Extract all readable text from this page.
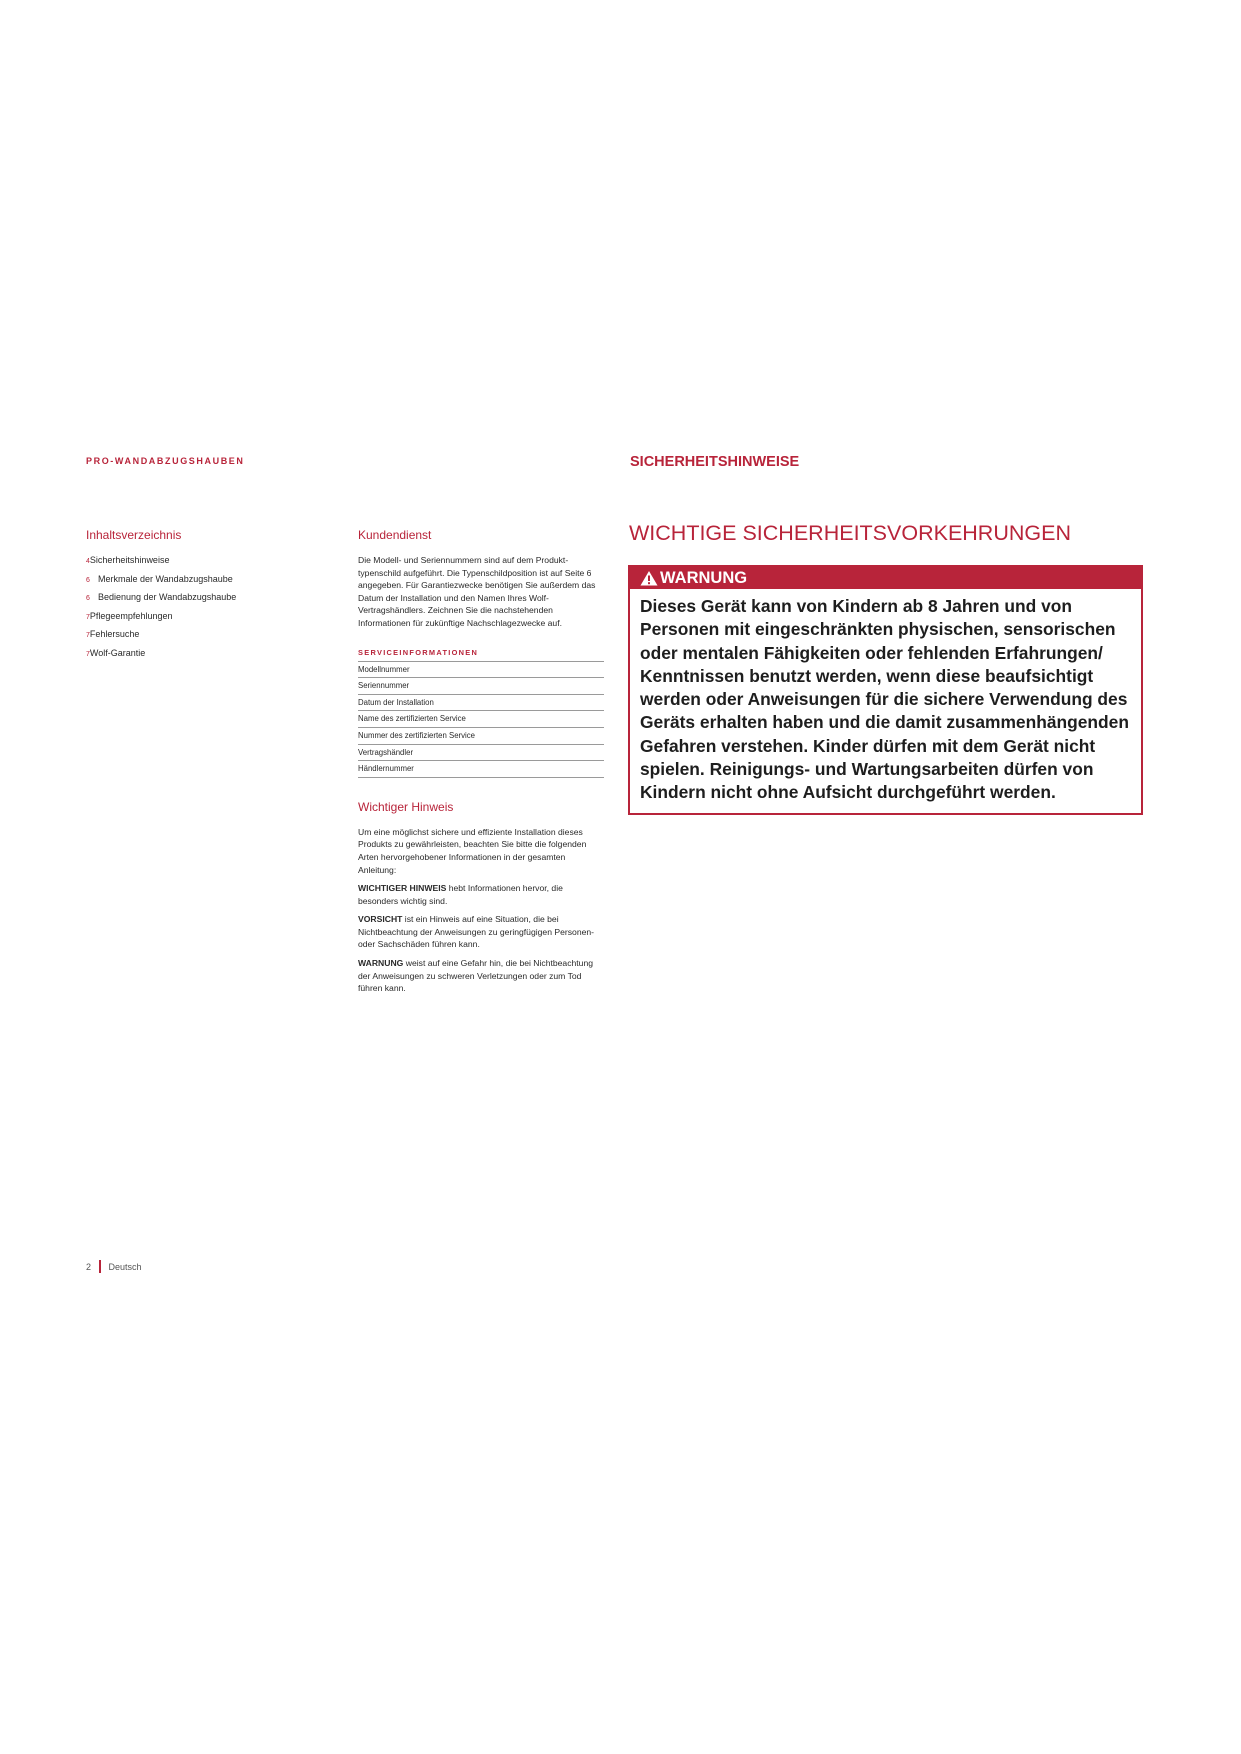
PRO-WANDABZUGSHAUBEN	SICHERHEITSHINWEISE
Inhaltsverzeichnis
4Sicherheitshinweise
6 Merkmale der Wandabzugshaube
6 Bedienung der Wandabzugshaube
7Pflegeempfehlungen
7Fehlersuche
7Wolf-Garantie
Kundendienst

Die Modell- und Seriennummern sind auf dem Produkttypenschild aufgeführt. Die Typenschildposition ist auf Seite 6 angegeben. Für Garantiezwecke benötigen Sie außerdem das Datum der Installation und den Namen Ihres Wolf-Vertragshändlers. Zeichnen Sie die nachstehenden Informationen für zukünftige Nachschlagezwecke auf.

SERVICEINFORMATIONEN
Modellnummer
Seriennummer
Datum der Installation
Name des zertifizierten Service
Nummer des zertifizierten Service
Vertragshändler
Händlernummer
Wichtiger Hinweis

Um eine möglichst sichere und effiziente Installation dieses Produkts zu gewährleisten, beachten Sie bitte die folgenden Arten hervorgehobener Informationen in der gesamten Anleitung:

WICHTIGER HINWEIS hebt Informationen hervor, die besonders wichtig sind.

VORSICHT ist ein Hinweis auf eine Situation, die bei Nichtbeachtung der Anweisungen zu geringfügigen Personen- oder Sachschäden führen kann.

WARNUNG weist auf eine Gefahr hin, die bei Nichtbeachtung der Anweisungen zu schweren Verletzungen oder zum Tod führen kann.

WICHTIGE SICHERHEITSVORKEHRUNGEN
WARNUNG
Dieses Gerät kann von Kindern ab 8 Jahren und von Personen mit eingeschränkten physischen, sensorischen oder mentalen Fähigkeiten oder fehlenden Erfahrungen/ Kenntnissen benutzt werden, wenn diese beaufsichtigt werden oder Anweisungen für die sichere Verwendung des Geräts erhalten haben und die damit zusammenhängenden Gefahren verstehen. Kinder dürfen mit dem Gerät nicht spielen. Reinigungs- und Wartungsarbeiten dürfen von Kindern nicht ohne Aufsicht durchgeführt werden.
2 Deutsch
